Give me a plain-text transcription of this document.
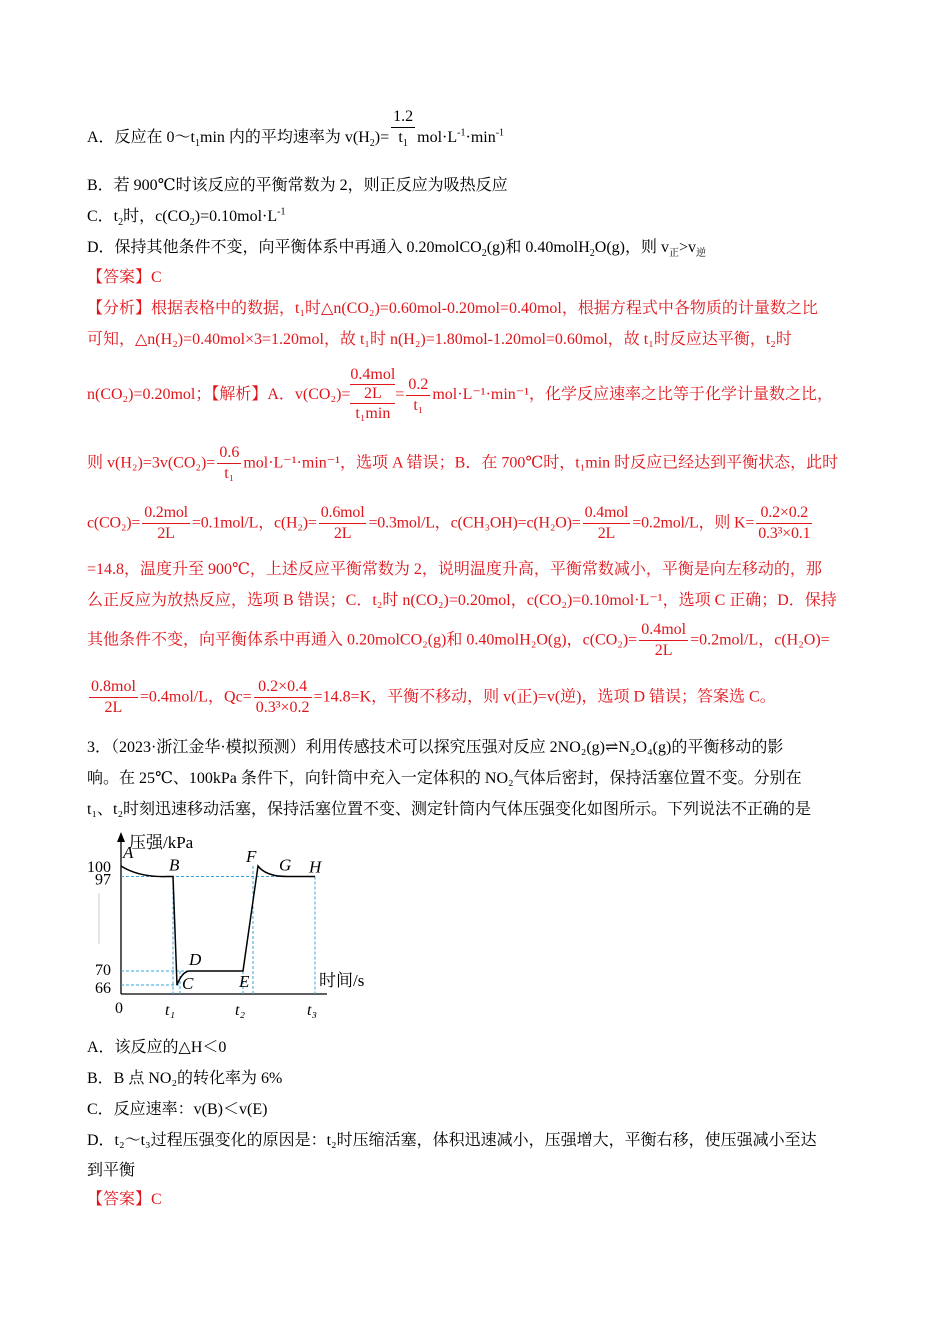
A．反应在 $0\sim t_1\min$ 内的平均速率为 $v(H_2)= \frac{1.2}{t_1} mol\cdot L^{-1}\cdot\min^{-1}$
B．若 900℃时该反应的平衡常数为 2，则正反应为吸热反应
C．$t_2$时，$c(CO_2)=0.10mol\cdot L^{-1}$
D．保持其他条件不变，向平衡体系中再通入 0.20molCO$_2$(g)和 0.40molH$_2$O(g)，则 $v_正>v_逆$
【答案】C
【分析】根据表格中的数据，t₁时△n(CO₂)=0.60mol-0.20mol=0.40mol，根据方程式中各物质的计量数之比
可知，△n(H₂)=0.40mol×3=1.20mol，故 t₁时 n(H₂)=1.80mol-1.20mol=0.60mol，故 t₁时反应达平衡，t₂时
n(CO₂)=0.20mol；【解析】A．v(CO₂)=
0.4mol
2L
t₁min
= $\frac{0.2}{\text{t₁}} mol\cdot L^{-1}\cdot\min^{-1}$，化学反应速率之比等于化学计量数之比，
则 $v(H_2)=3v(CO_2)= \frac{0.6}{\text{t₁}} mol\cdot L^{-1}\cdot\min^{-1}$，选项 A 错误；B．在 700℃时，t₁min 时反应已经达到平衡状态，此时
$c(CO_2)= \frac{\text{0.2mol}}{2L} =0.1mol/L$，$c(H_2)= \frac{\text{0.6mol}}{2L} =0.3mol/L$，$c(CH_3OH)=c(H_2O)= \frac{\text{0.4mol}}{2L} =0.2mol/L$，则 $K= \frac{0.2\times 0.2}{\text{0.3³×0.1}}$
=14.8，温度升至 900℃，上述反应平衡常数为 2，说明温度升高，平衡常数减小，平衡是向左移动的，那
么正反应为放热反应，选项 B 错误；C．t₂时 n(CO₂)=0.20mol，c(CO₂)=0.10mol·L⁻¹，选项 C 正确；D．保持
其他条件不变，向平衡体系中再通入 0.20molCO₂(g)和 0.40molH₂O(g)，$c(CO_2)= \frac{\text{0.4mol}}{2L} =0.2mol/L$，c(H₂O)=
$\frac{\text{0.8mol}}{2L} =0.4mol/L$，$Qc= \frac{0.2\times 0.4}{\text{0.3³×0.2}} =14.8=K$，平衡不移动，则 v(正)=v(逆)，选项 D 错误；答案选 C。
3．（2023·浙江金华·模拟预测）利用传感技术可以探究压强对反应 2NO₂(g)⇌N₂O₄(g)的平衡移动的影
响。在 25℃、100kPa 条件下，向针筒中充入一定体积的 NO₂气体后密封，保持活塞位置不变。分别在
t₁、t₂时刻迅速移动活塞，保持活塞位置不变、测定针筒内气体压强变化如图所示。下列说法不正确的是
压强/kPa
时间/s
100
97
70
66
0	t₁	t₂	t₃
A
B
C
D
E
F G H
A．该反应的△H＜0
B．B 点 NO₂的转化率为 6%
C．反应速率：v(B)＜v(E)
D．t₂～t₃过程压强变化的原因是：t₂时压缩活塞，体积迅速减小，压强增大，平衡右移，使压强减小至达
到平衡
【答案】C
